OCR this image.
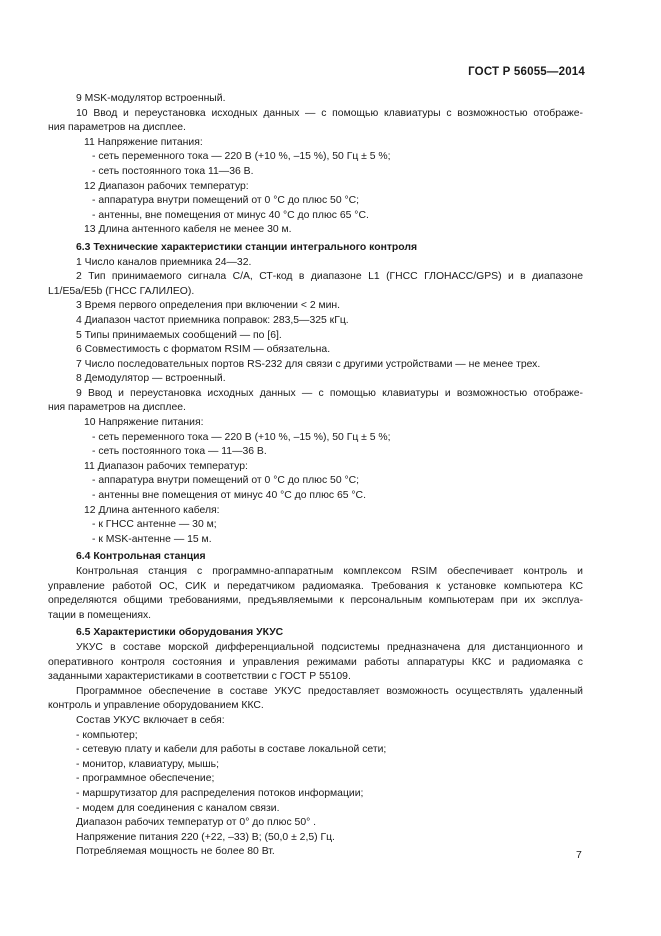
ГОСТ Р 56055—2014
9 MSK-модулятор встроенный.
10 Ввод и переустановка исходных данных — с помощью клавиатуры с возможностью отображе-
ния параметров на дисплее.
11 Напряжение питания:
- сеть переменного тока — 220 В (+10 %, –15 %), 50 Гц ± 5 %;
- сеть постоянного тока 11—36 В.
12 Диапазон рабочих температур:
- аппаратура внутри помещений от 0 °С до плюс 50 °С;
- антенны, вне помещения от минус 40 °С до плюс 65 °С.
13 Длина антенного кабеля не менее 30 м.
6.3 Технические характеристики станции интегрального контроля
1 Число каналов приемника 24—32.
2 Тип принимаемого сигнала С/А, СТ-код в диапазоне L1 (ГНСС ГЛОНАСС/GPS) и в диапазоне
L1/E5a/E5b (ГНСС ГАЛИЛЕО).
3 Время первого определения при включении < 2 мин.
4 Диапазон частот приемника поправок: 283,5—325 кГц.
5 Типы принимаемых сообщений — по [6].
6 Совместимость с форматом RSIM — обязательна.
7 Число последовательных портов RS-232 для связи с другими устройствами — не менее трех.
8 Демодулятор — встроенный.
9 Ввод и переустановка исходных данных — с помощью клавиатуры и возможностью отображе-
ния параметров на дисплее.
10 Напряжение питания:
- сеть переменного тока — 220 В (+10 %, –15 %), 50 Гц ± 5 %;
- сеть постоянного тока — 11—36 В.
11 Диапазон рабочих температур:
- аппаратура внутри помещений от 0 °С до плюс 50 °С;
- антенны вне помещения от минус 40 °С до плюс 65 °С.
12 Длина антенного кабеля:
- к ГНСС антенне — 30 м;
- к MSK-антенне — 15 м.
6.4 Контрольная станция
Контрольная станция с программно-аппаратным комплексом RSIM обеспечивает контроль и
управление работой ОС, СИК и передатчиком радиомаяка. Требования к установке компьютера КС
определяются общими требованиями, предъявляемыми к персональным компьютерам при их эксплуа-
тации в помещениях.
6.5 Характеристики оборудования УКУС
УКУС в составе морской дифференциальной подсистемы предназначена для дистанционного и
оперативного контроля состояния и управления режимами работы аппаратуры ККС и радиомаяка с
заданными характеристиками в соответствии с ГОСТ Р 55109.
Программное обеспечение в составе УКУС предоставляет возможность осуществлять удаленный
контроль и управление оборудованием ККС.
Состав УКУС включает в себя:
- компьютер;
- сетевую плату и кабели для работы в составе локальной сети;
- монитор, клавиатуру, мышь;
- программное обеспечение;
- маршрутизатор для распределения потоков информации;
- модем для соединения с каналом связи.
Диапазон рабочих температур от 0° до плюс 50° .
Напряжение питания 220 (+22, –33) В; (50,0 ± 2,5) Гц.
Потребляемая мощность не более 80 Вт.	7
